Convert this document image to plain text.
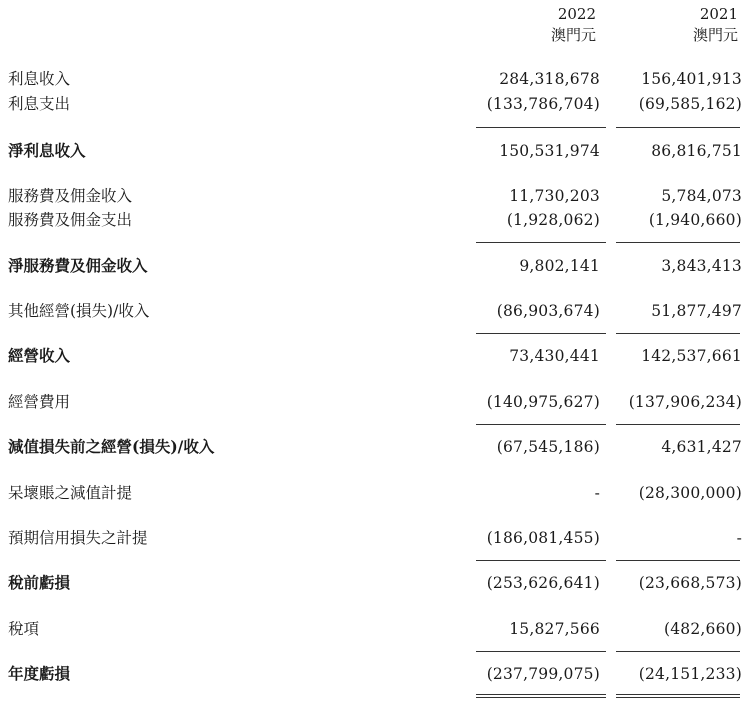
2022
澳門元
2021
澳門元
利息收入	284,318,678	156,401,913
利息支出	(133,786,704)	(69,585,162)
淨利息收入	150,531,974	86,816,751
服務費及佣金收入	11,730,203	5,784,073
服務費及佣金支出	(1,928,062)	(1,940,660)
淨服務費及佣金收入	9,802,141	3,843,413
其他經營(損失)/收入	(86,903,674)	51,877,497
經營收入	73,430,441	142,537,661
經營費用	(140,975,627) (137,906,234)
減值損失前之經營(損失)/收入	(67,545,186)	4,631,427
呆壞賬之減值計提	-	(28,300,000)
預期信用損失之計提	(186,081,455)	-
稅前虧損	(253,626,641)	(23,668,573)
稅項	15,827,566	(482,660)
年度虧損	(237,799,075)	(24,151,233)
